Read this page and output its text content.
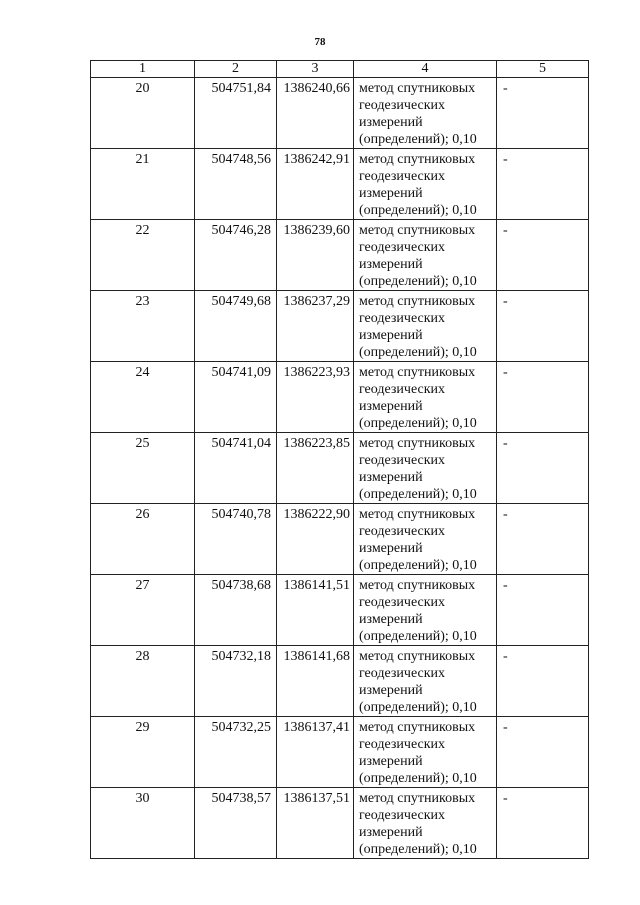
78
1	2	3	4	5
20	504751,84	1386240,66	метод спутниковых
геодезических
измерений
(определений); 0,10	-
21	504748,56	1386242,91	метод спутниковых
геодезических
измерений
(определений); 0,10	-
22	504746,28	1386239,60	метод спутниковых
геодезических
измерений
(определений); 0,10	-
23	504749,68	1386237,29	метод спутниковых
геодезических
измерений
(определений); 0,10	-
24	504741,09	1386223,93	метод спутниковых
геодезических
измерений
(определений); 0,10	-
25	504741,04	1386223,85	метод спутниковых
геодезических
измерений
(определений); 0,10	-
26	504740,78	1386222,90	метод спутниковых
геодезических
измерений
(определений); 0,10	-
27	504738,68	1386141,51	метод спутниковых
геодезических
измерений
(определений); 0,10	-
28	504732,18	1386141,68	метод спутниковых
геодезических
измерений
(определений); 0,10	-
29	504732,25	1386137,41	метод спутниковых
геодезических
измерений
(определений); 0,10	-
30	504738,57	1386137,51	метод спутниковых
геодезических
измерений
(определений); 0,10	-
